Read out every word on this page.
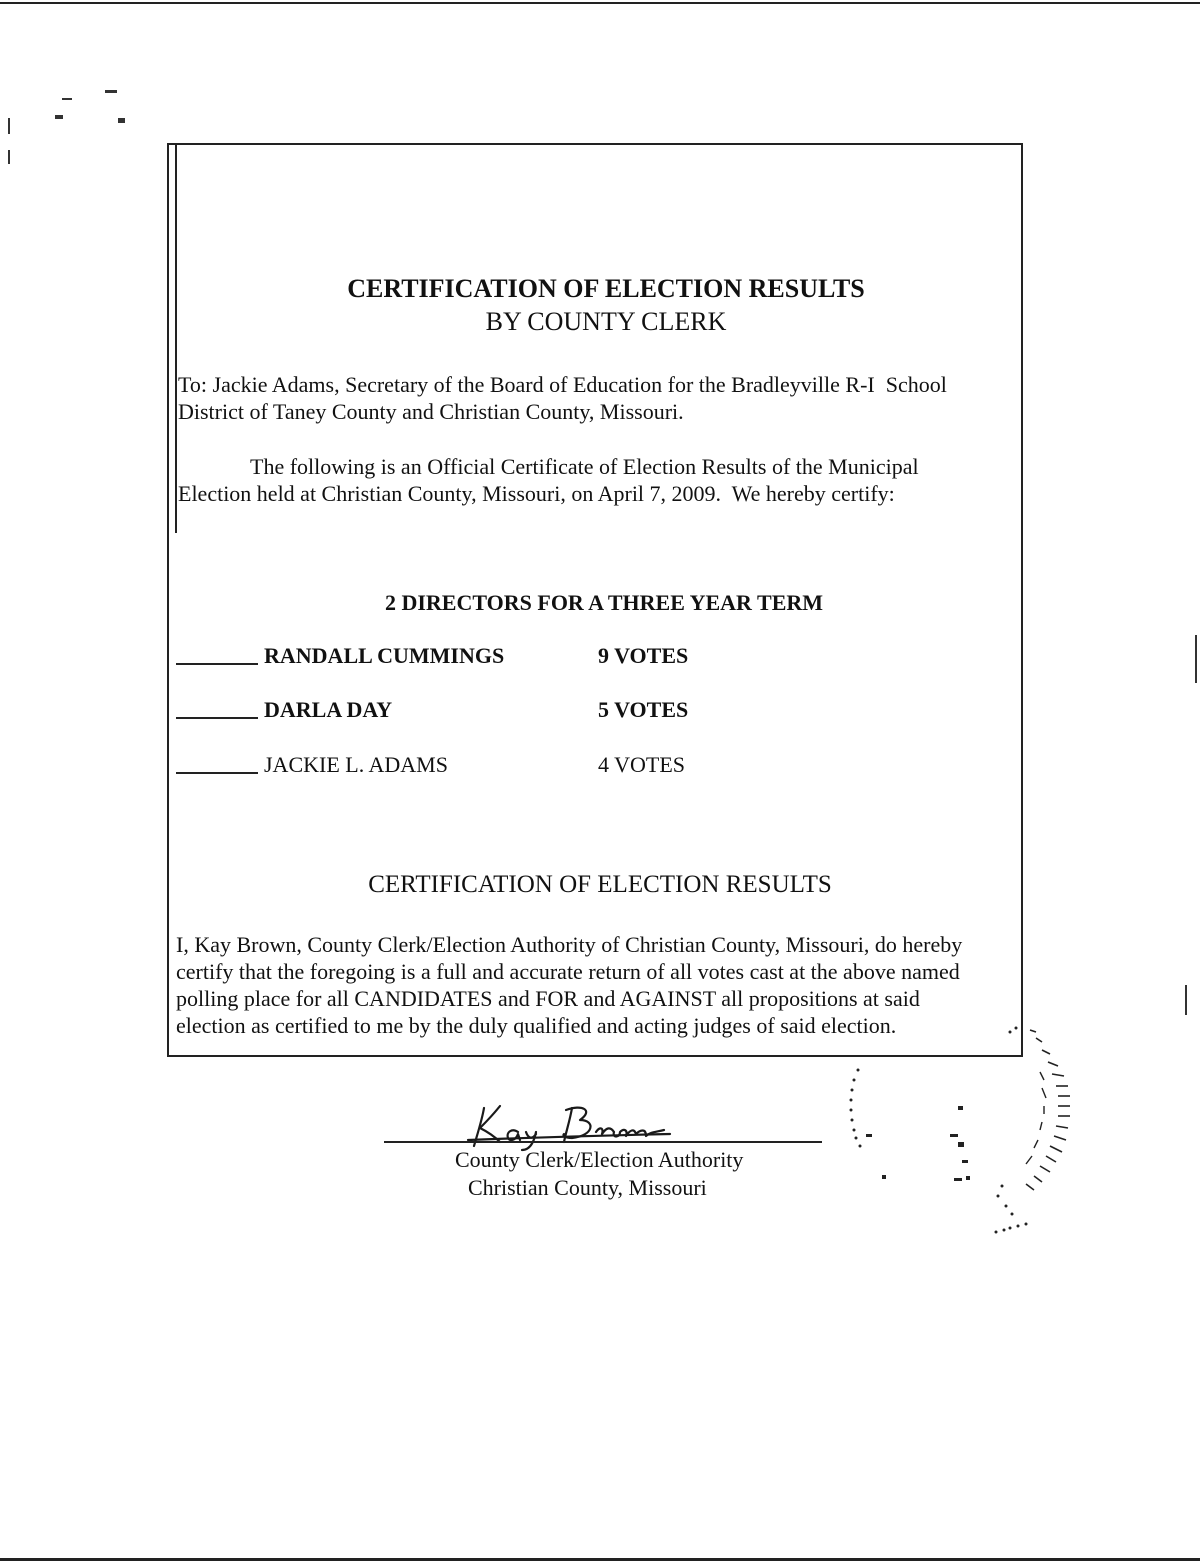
CERTIFICATION OF ELECTION RESULTS
BY COUNTY CLERK
To: Jackie Adams, Secretary of the Board of Education for the Bradleyville R-I  School
District of Taney County and Christian County, Missouri.
The following is an Official Certificate of Election Results of the Municipal
Election held at Christian County, Missouri, on April 7, 2009.  We hereby certify:
2 DIRECTORS FOR A THREE YEAR TERM
RANDALL CUMMINGS	9 VOTES
DARLA DAY	5 VOTES
JACKIE L. ADAMS	4 VOTES
CERTIFICATION OF ELECTION RESULTS
I, Kay Brown, County Clerk/Election Authority of Christian County, Missouri, do hereby
certify that the foregoing is a full and accurate return of all votes cast at the above named
polling place for all CANDIDATES and FOR and AGAINST all propositions at said
election as certified to me by the duly qualified and acting judges of said election.
County Clerk/Election Authority
Christian County, Missouri
